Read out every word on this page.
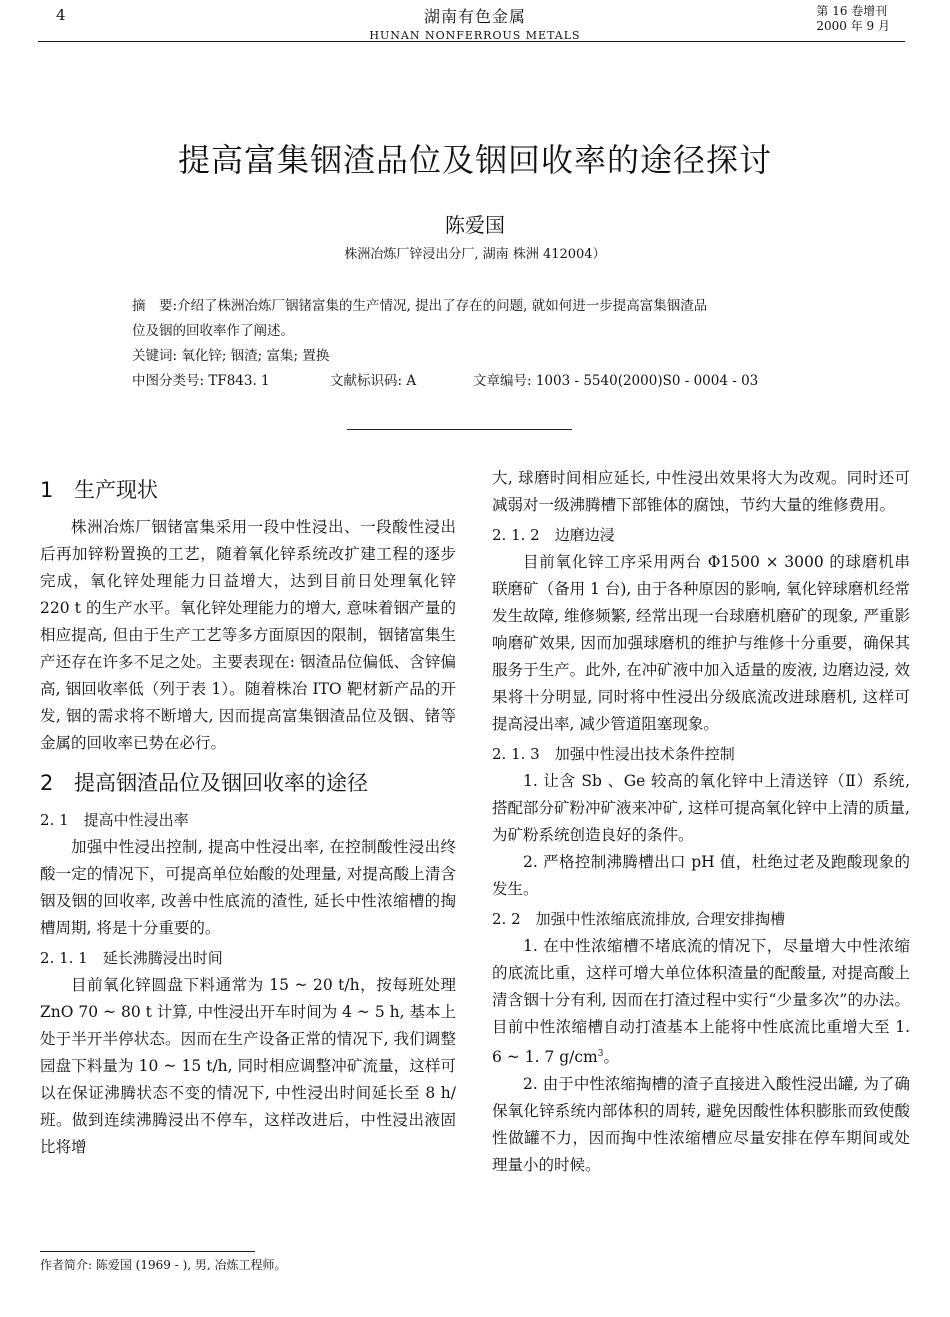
4	湖南有色金属
HUNAN NONFERROUS METALS
第 16 卷增刊
2000 年 9 月
提高富集铟渣品位及铟回收率的途径探讨
陈爱国
株洲冶炼厂锌浸出分厂, 湖南 株洲 412004）
摘　要:介绍了株洲冶炼厂铟锗富集的生产情况, 提出了存在的问题, 就如何进一步提高富集铟渣品
位及铟的回收率作了阐述。
关键词: 氧化锌; 铟渣; 富集; 置换
中图分类号: TF843. 1	文献标识码: A	文章编号: 1003 - 5540(2000)S0 - 0004 - 03
1 生产现状

株洲冶炼厂铟锗富集采用一段中性浸出、一段酸性浸出后再加锌粉置换的工艺，随着氧化锌系统改扩建工程的逐步完成，氧化锌处理能力日益增大，达到目前日处理氧化锌 220 t 的生产水平。氧化锌处理能力的增大, 意味着铟产量的相应提高, 但由于生产工艺等多方面原因的限制，铟锗富集生产还存在许多不足之处。主要表现在: 铟渣品位偏低、含锌偏高, 铟回收率低（列于表 1）。随着株冶 ITO 靶材新产品的开发, 铟的需求将不断增大, 因而提高富集铟渣品位及铟、锗等金属的回收率已势在必行。

2 提高铟渣品位及铟回收率的途径

2. 1　提高中性浸出率

加强中性浸出控制, 提高中性浸出率, 在控制酸性浸出终酸一定的情况下，可提高单位始酸的处理量, 对提高酸上清含铟及铟的回收率, 改善中性底流的渣性, 延长中性浓缩槽的掏槽周期, 将是十分重要的。

2. 1. 1　延长沸腾浸出时间

目前氧化锌圆盘下料通常为 15 ~ 20 t/h，按每班处理 ZnO 70 ~ 80 t 计算, 中性浸出开车时间为 4 ~ 5 h, 基本上处于半开半停状态。因而在生产设备正常的情况下, 我们调整园盘下料量为 10 ~ 15 t/h, 同时相应调整冲矿流量，这样可以在保证沸腾状态不变的情况下, 中性浸出时间延长至 8 h/班。做到连续沸腾浸出不停车，这样改进后，中性浸出液固比将增

大, 球磨时间相应延长, 中性浸出效果将大为改观。同时还可减弱对一级沸腾槽下部锥体的腐蚀，节约大量的维修费用。

2. 1. 2　边磨边浸

目前氧化锌工序采用两台 Φ1500 × 3000 的球磨机串联磨矿（备用 1 台), 由于各种原因的影响, 氧化锌球磨机经常发生故障, 维修频繁, 经常出现一台球磨机磨矿的现象, 严重影响磨矿效果, 因而加强球磨机的维护与维修十分重要，确保其服务于生产。此外, 在冲矿液中加入适量的废液, 边磨边浸, 效果将十分明显, 同时将中性浸出分级底流改进球磨机, 这样可提高浸出率, 减少管道阻塞现象。

2. 1. 3　加强中性浸出技术条件控制

1. 让含 Sb 、Ge 较高的氧化锌中上清送锌（Ⅱ）系统, 搭配部分矿粉冲矿液来冲矿, 这样可提高氧化锌中上清的质量, 为矿粉系统创造良好的条件。

2. 严格控制沸腾槽出口 pH 值，杜绝过老及跑酸现象的发生。

2. 2　加强中性浓缩底流排放, 合理安排掏槽

1. 在中性浓缩槽不堵底流的情况下，尽量增大中性浓缩的底流比重，这样可增大单位体积渣量的配酸量, 对提高酸上清含铟十分有利, 因而在打渣过程中实行“少量多次”的办法。目前中性浓缩槽自动打渣基本上能将中性底流比重增大至 1. 6 ~ 1. 7 $g/cm^3$。

2. 由于中性浓缩掏槽的渣子直接进入酸性浸出罐, 为了确保氧化锌系统内部体积的周转, 避免因酸性体积膨胀而致使酸性做罐不力，因而掏中性浓缩槽应尽量安排在停车期间或处理量小的时候。

作者简介: 陈爱国 (1969 - ), 男, 冶炼工程师。
